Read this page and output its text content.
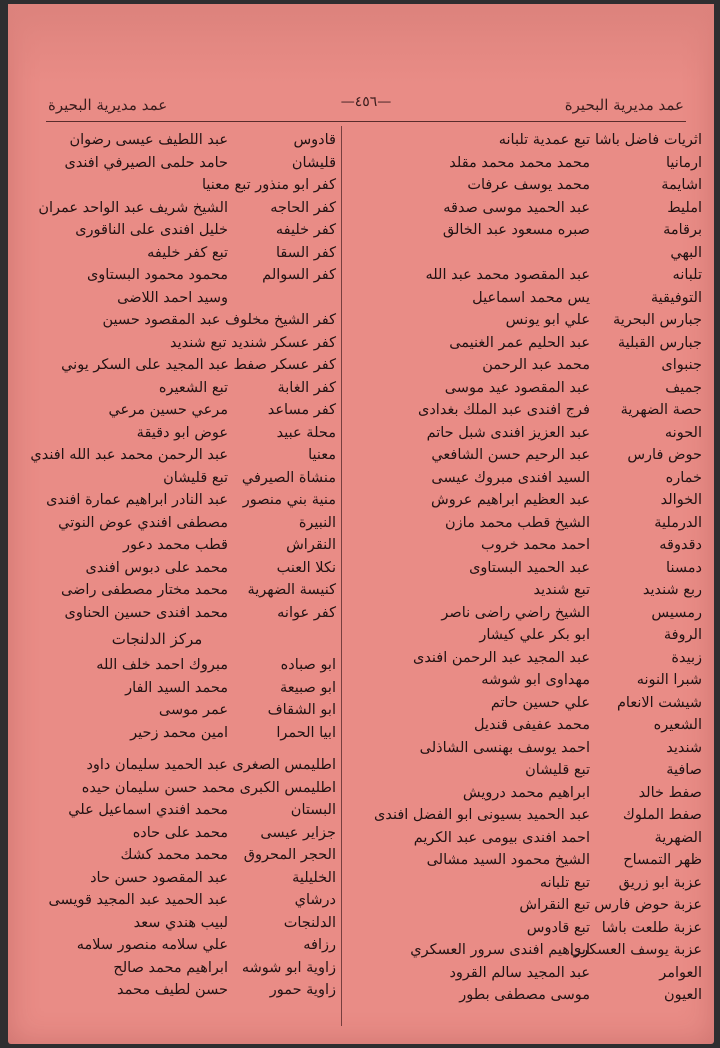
عمد مديرية البحيرة
—٤٥٦—
عمد مديرية البحيرة
اثريات فاضل باشا
تبع عمدية تلبانه
ارمانيا
محمد محمد محمد مقلد
اشايمة
محمد يوسف عرفات
امليط
عبد الحميد موسى صدقه
برقامة
صبره مسعود عبد الخالق
البهي
تلبانه
عبد المقصود محمد عبد الله
التوفيقية
يس محمد اسماعيل
جبارس البحرية
علي ابو يونس
جبارس القبلية
عبد الحليم عمر الغنيمى
جنبواى
محمد عبد الرحمن
جميف
عبد المقصود عيد موسى
حصة الضهرية
فرج افندى عبد الملك بغدادى
الحونه
عبد العزيز افندى شبل حاتم
حوض فارس
عبد الرحيم حسن الشافعي
خماره
السيد افندى مبروك عيسى
الخوالد
عبد العظيم ابراهيم عروش
الدرملية
الشيخ قطب محمد مازن
دقدوقه
احمد محمد خروب
دمسنا
عبد الحميد البستاوى
ربع شنديد
تبع شنديد
رمسيس
الشيخ راضي راضى ناصر
الروفة
ابو بكر علي كيشار
زبيدة
عبد المجيد عبد الرحمن افندى
شبرا النونه
مهداوى ابو شوشه
شيشت الانعام
علي حسين حاتم
الشعيره
محمد عفيفى قنديل
شنديد
احمد يوسف بهنسى الشاذلى
صافية
تبع قليشان
صفط خالد
ابراهيم محمد درويش
صفط الملوك
عبد الحميد بسيونى ابو الفضل افندى
الضهرية
احمد افندى بيومى عبد الكريم
ظهر التمساح
الشيخ محمود السيد مشالى
عزبة ابو زريق
تبع تلبانه
عزبة حوض فارس
تبع النقراش
عزبة طلعت باشا
تبع قادوس
عزبة يوسف العسكري
ابراهيم افندى سرور العسكري
العوامر
عبد المجيد سالم القرود
العيون
موسى مصطفى بطور
قادوس
عبد اللطيف عيسى رضوان
قليشان
حامد حلمى الصيرفي افندى
كفر ابو منذور تبع معنيا
كفر الحاجه
الشيخ شريف عبد الواحد عمران
كفر خليفه
خليل افندى على الناقورى
كفر السقا
تبع كفر خليفه
كفر السوالم
محمود محمود البستاوى وسيد احمد اللاضى
كفر الشيخ مخلوف عبد المقصود حسين
كفر عسكر شنديد تبع شنديد
كفر عسكر صفط عبد المجيد على السكر يوني
كفر الغابة
تبع الشعيره
كفر مساعد
مرعي حسين مرعي
محلة عبيد
عوض ابو دقيقة
معنيا
عبد الرحمن محمد عبد الله افندي
منشاة الصيرفي
تبع قليشان
منية بني منصور
عبد النادر ابراهيم عمارة افندى
النبيرة
مصطفى افندي عوض النوتي
النقراش
قطب محمد دعور
نكلا العنب
محمد على دبوس افندى
كنيسة الضهرية
محمد مختار مصطفى راضى
كفر عوانه
محمد افندى حسين الحناوى
مركز الدلنجات
ابو صباده
مبروك احمد خلف الله
ابو صبيعة
محمد السيد الفار
ابو الشقاف
عمر موسى
ابيا الحمرا
امين محمد زحير
اطليمس الصغرى عبد الحميد سليمان داود
اطليمس الكبرى محمد حسن سليمان حيده
البستان
محمد افندي اسماعيل علي
جزاير عيسى
محمد على حاده
الحجر المحروق
محمد محمد كشك
الخليلية
عبد المقصود حسن حاد
درشاي
عبد الحميد عبد المجيد قويسى
الدلنجات
لبيب هندي سعد
رزافه
علي سلامه منصور سلامه
زاوية ابو شوشه
ابراهيم محمد صالح
زاوية حمور
حسن لطيف محمد
